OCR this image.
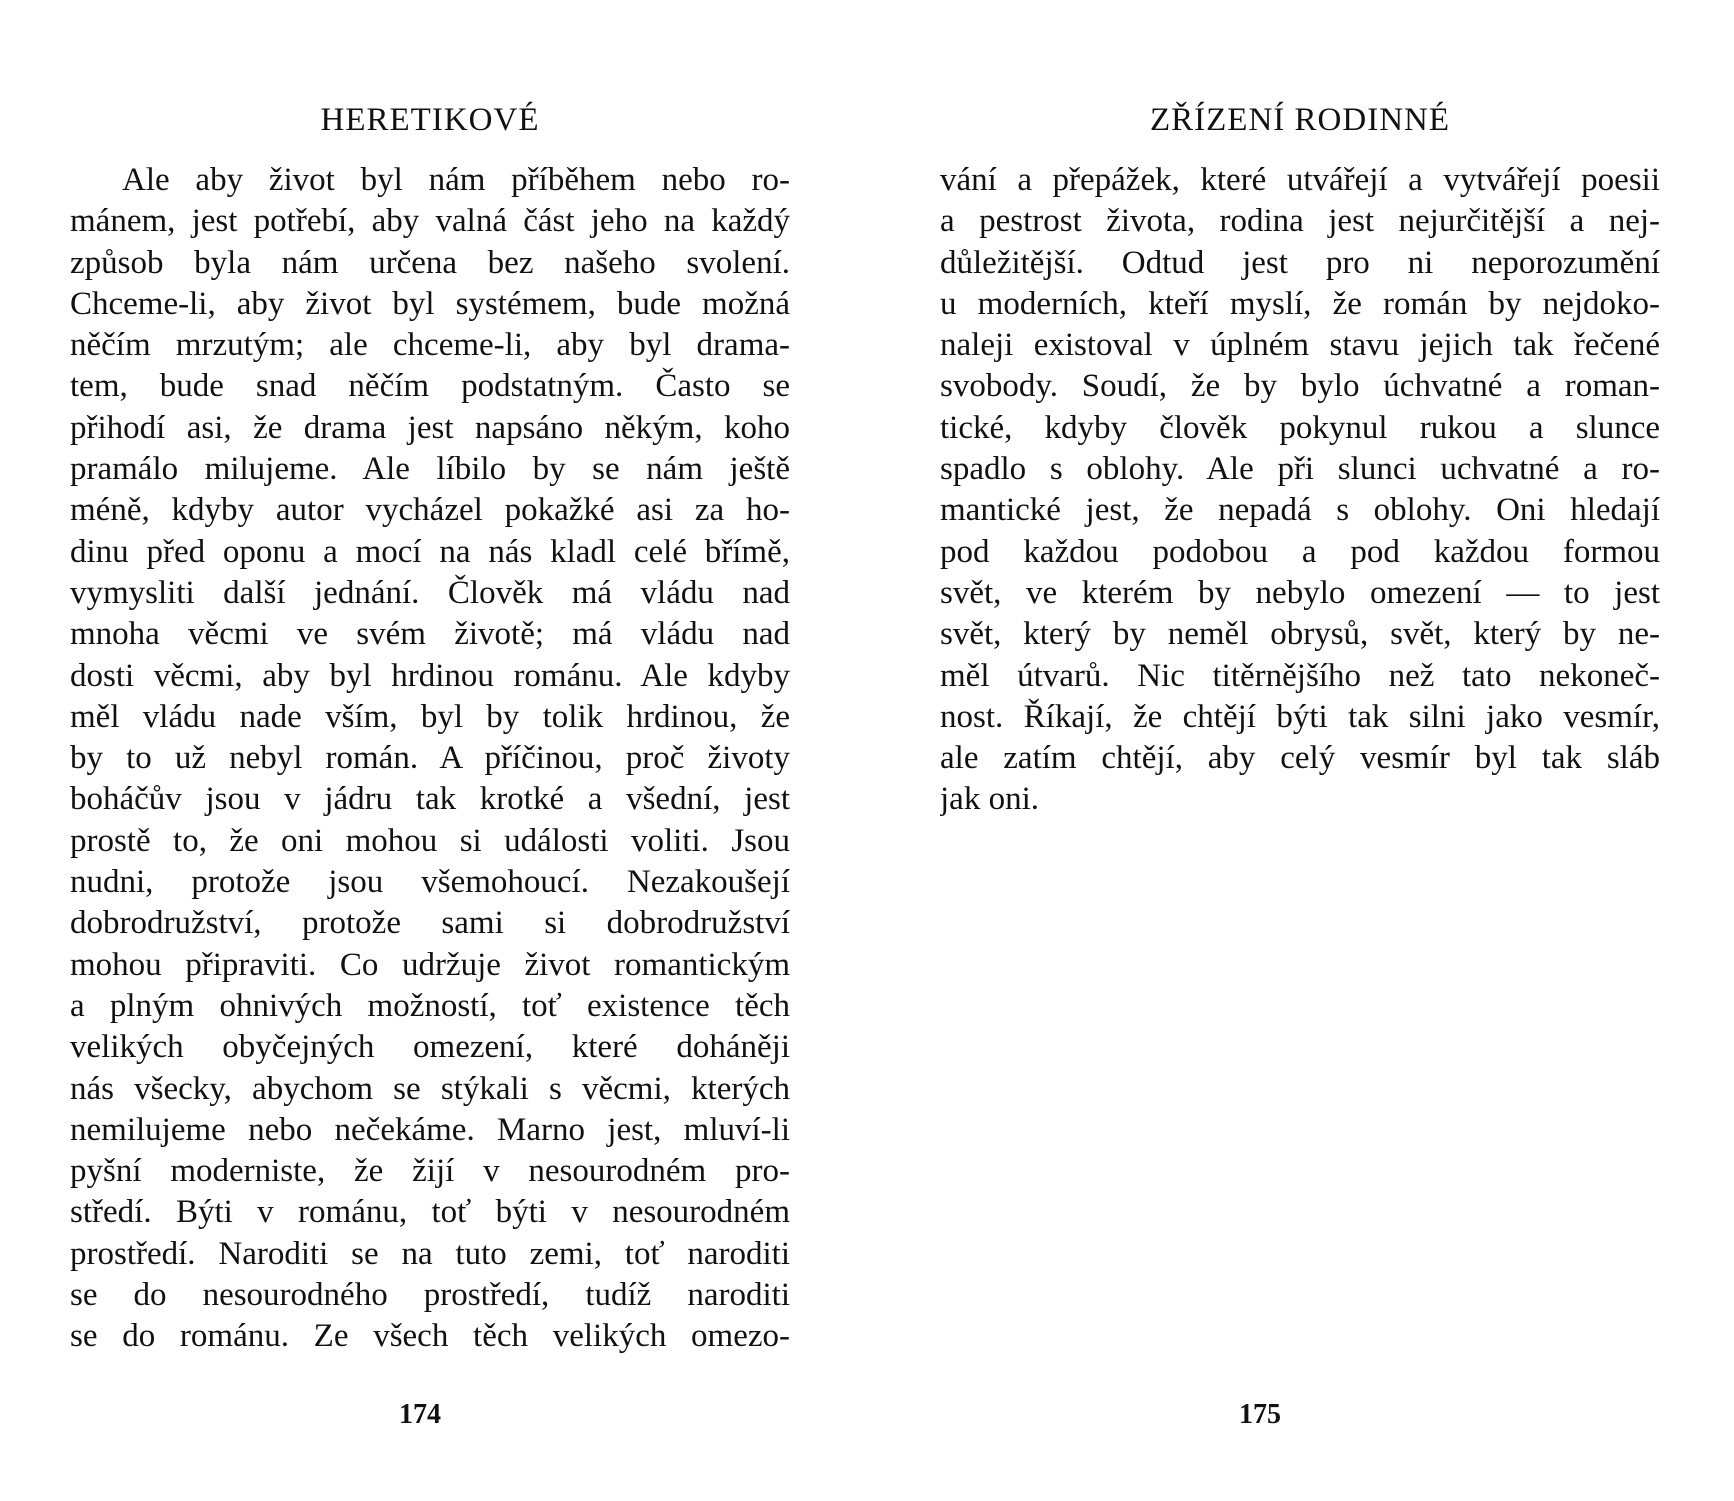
HERETIKOVÉ
Ale aby život byl nám příběhem nebo ro-
mánem, jest potřebí, aby valná část jeho na každý
způsob byla nám určena bez našeho svolení.
Chceme-li, aby život byl systémem, bude možná
něčím mrzutým; ale chceme-li, aby byl drama-
tem, bude snad něčím podstatným. Často se
přihodí asi, že drama jest napsáno někým, koho
pramálo milujeme. Ale líbilo by se nám ještě
méně, kdyby autor vycházel pokažké asi za ho-
dinu před oponu a mocí na nás kladl celé břímě,
vymysliti další jednání. Člověk má vládu nad
mnoha věcmi ve svém životě; má vládu nad
dosti věcmi, aby byl hrdinou románu. Ale kdyby
měl vládu nade vším, byl by tolik hrdinou, že
by to už nebyl román. A příčinou, proč životy
boháčův jsou v jádru tak krotké a všední, jest
prostě to, že oni mohou si události voliti. Jsou
nudni, protože jsou všemohoucí. Nezakoušejí
dobrodružství, protože sami si dobrodružství
mohou připraviti. Co udržuje život romantickým
a plným ohnivých možností, toť existence těch
velikých obyčejných omezení, které doháněji
nás všecky, abychom se stýkali s věcmi, kterých
nemilujeme nebo nečekáme. Marno jest, mluví-li
pyšní moderniste, že žijí v nesourodném pro-
středí. Býti v románu, toť býti v nesourodném
prostředí. Naroditi se na tuto zemi, toť naroditi
se do nesourodného prostředí, tudíž naroditi
se do románu. Ze všech těch velikých omezo-
174
ZŘÍZENÍ RODINNÉ
vání a přepážek, které utvářejí a vytvářejí poesii
a pestrost života, rodina jest nejurčitější a nej-
důležitější. Odtud jest pro ni neporozumění
u moderních, kteří myslí, že román by nejdoko-
naleji existoval v úplném stavu jejich tak řečené
svobody. Soudí, že by bylo úchvatné a roman-
tické, kdyby člověk pokynul rukou a slunce
spadlo s oblohy. Ale při slunci uchvatné a ro-
mantické jest, že nepadá s oblohy. Oni hledají
pod každou podobou a pod každou formou
svět, ve kterém by nebylo omezení — to jest
svět, který by neměl obrysů, svět, který by ne-
měl útvarů. Nic titěrnějšího než tato nekoneč-
nost. Říkají, že chtějí býti tak silni jako vesmír,
ale zatím chtějí, aby celý vesmír byl tak sláb
jak oni.
175
